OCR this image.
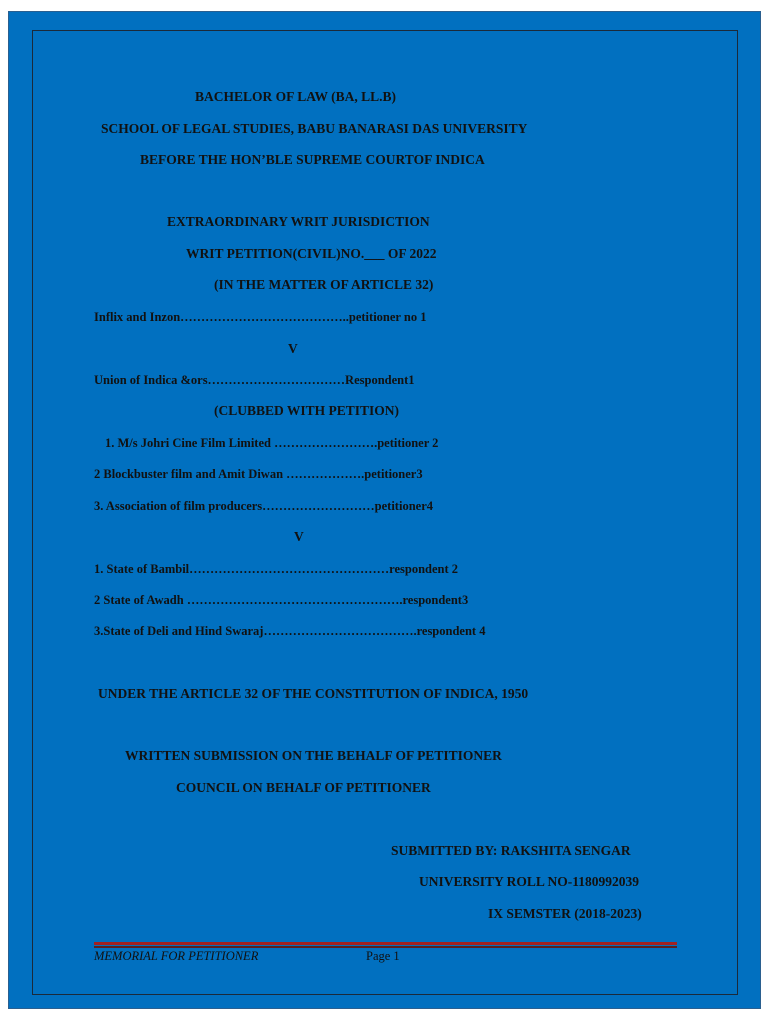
BACHELOR OF LAW (BA, LL.B)
SCHOOL OF LEGAL STUDIES, BABU BANARASI DAS UNIVERSITY
BEFORE THE HON’BLE SUPREME COURTOF INDICA
EXTRAORDINARY WRIT JURISDICTION
WRIT PETITION(CIVIL)NO.___ OF 2022
(IN THE MATTER OF ARTICLE 32)
Inflix and Inzon…………………………………..petitioner no 1
V
Union of Indica &ors……………………………Respondent1
(CLUBBED WITH PETITION)
1. M/s Johri Cine Film Limited …………………….petitioner 2
2 Blockbuster film and Amit Diwan ……………….petitioner3
3. Association of film producers………………………petitioner4
V
1. State of Bambil…………………………………………respondent 2
2 State of Awadh …………………………………………….respondent3
3.State of Deli and Hind Swaraj……………………………….respondent 4
UNDER THE ARTICLE 32 OF THE CONSTITUTION OF INDICA, 1950
WRITTEN SUBMISSION ON THE BEHALF OF PETITIONER
COUNCIL ON BEHALF OF PETITIONER
SUBMITTED BY: RAKSHITA SENGAR
UNIVERSITY ROLL NO-1180992039
IX SEMSTER (2018-2023)
MEMORIAL FOR PETITIONER	Page 1
